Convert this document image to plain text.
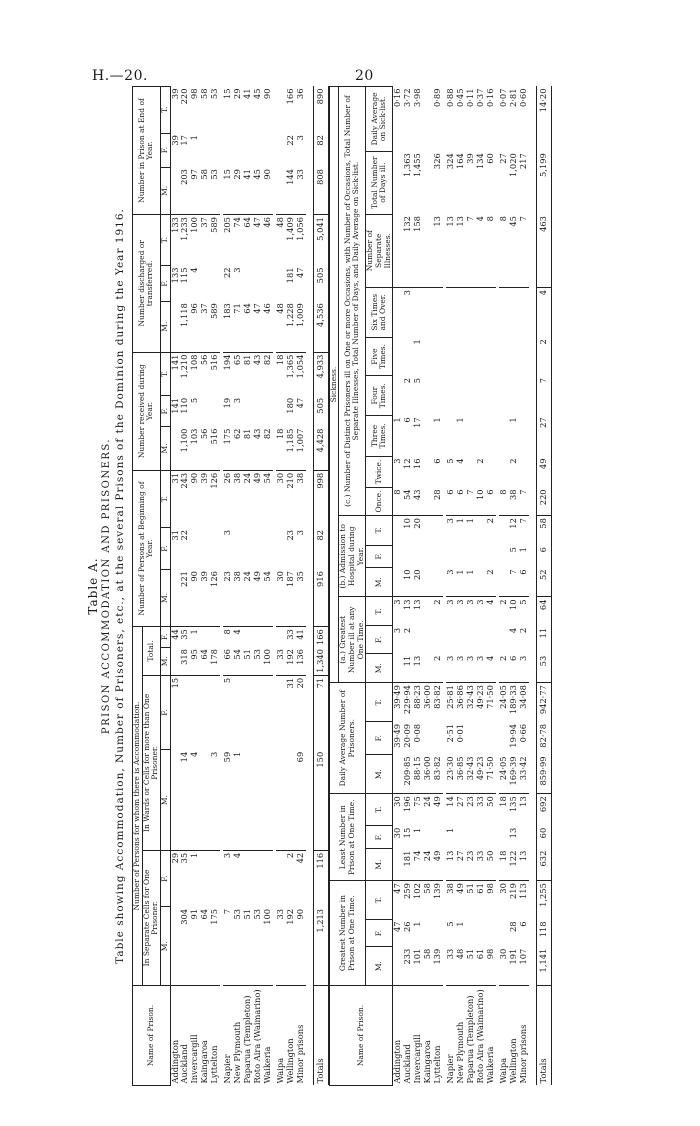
H.—20.	20
Table A. PRISON ACCOMMODATION AND PRISONERS. Table showing Accommodation, Number of Prisoners, etc., at the several Prisons of the Dominion during the Year 1916.
Name of Prison.	Number of Persons for whom there is Accommodation.						Number of Persons at Beginning of Year.			Number received during Year.			Number discharged or transferred.			Number in Prison at End of Year.		
	In Separate Cells for One Prisoner.		In Wards or Cells for more than One Prisoner.		Total.													
	M.	F.	M.	F.	M.	F.	M.	F.	T.	M.	F.	T.	M.	F.	T.	M.	F.	T.
Addington		29		15		44		31	31		141	141		133	133		39	39
Auckland	304	35	14		318	35	221	22	243	1,100	110	1,210	1,118	115	1,233	203	17	220
Invercargill	91	1	4		95	1	90		90	103	5	108	96	4	100	97	1	98
Kaingaroa	64				64		39		39	56		56	37		37	58		58
Lyttelton	175		3		178		126		126	516		516	589		589	53		53

Napier	7	3	59	5	66	8	23	3	26	175	19	194	183	22	205	15		15
New Plymouth	53	4	1		54	4	38		38	62	3	65	71	3	74	29		29
Paparua (Templeton)	51				51		24		24	81		81	64		64	41		41
Roto Aira (Waimarino)	53				53		49		49	43		43	47		47	45		45
Waikeria	100				100		54		54	82		82	46		46	90		90

Waipa	33				33		30		30	18		18	48		48			
Wellington	192	2		31	192	33	187	23	210	1,185	180	1,365	1,228	181	1,409	144	22	166
Minor prisons	90	42	69	20	136	41	35	3	38	1,007	47	1,054	1,009	47	1,056	33	3	36

Totals	1,213	116	150	71	1,340	166	916	82	998	4,428	505	4,933	4,536	505	5,041	808	82	890
Name of Prison.	Greatest Number in Prison at One Time.			Least Number in Prison at One Time.			Daily Average Number of Prisoners.			Sickness.														
										(a.) Greatest Number ill at any One Time.			(b.) Admission to Hospital during Year.			(c.) Number of Distinct Prisoners ill on One or more Occasions, with Number of Occasions, Total Number of Separate Illnesses, Total Number of Days, and Daily Average on Sick-list.								
	M.	F.	T.	M.	F.	T.	M.	F.	T.	M.	F.	T.	M.	F.	T.	Once.	Twice.	Three Times.	Four Times.	Five Times.	Six Times and Over.	Number of Separate Illnesses.	Total Number of Days ill.	Daily Average on Sick-list.
Addington		47	47		30	30		39·49	39·49		3	3				8	3	1						0·16
Auckland	233	26	259	181	15	196	209·85	20·09	229·94	11	2	13	10		10	54	12	6	2		3	132	1,363	3·72
Invercargill	101	1	102	74	1	75	88·15	0·08	88·23	13		13	20		20	43	16	17	5	1		158	1,455	3·98
Kaingaroa	58		58	24		24	36·00		36·00															
Lyttelton	139		139	49		49	83·82		83·82	2		2				28	6	1				13	326	0·89

Napier	33	5	38	13	1	14	23·30	2·51	25·81	3		3	3		3	6	5					13	324	0·88
New Plymouth	48	1	49	27		27	36·85	0·01	36·86	3		3	1		1	6	4	1				13	164	0·45
Paparua (Templeton)	51		51	23		23	32·43		32·43	3		3	1		1	7						7	39	0·11
Roto Aira (Waimarino)	61		61	33		33	49·23		49·23	3		3				10	2					4	134	0·37
Waikeria	98		98	50		50	71·50		71·50	4		4	2		2	6						8	60	0·16

Waipa	30		30	18		18	24·05		24·05	2		2				8						8	27	0·07
Wellington	191	28	219	122	13	135	169·39	19·94	189·33	6	4	10	7	5	12	38	2	1				45	1,020	2·81
Minor prisons	107	6	113	13		13	33·42	0·66	34·08	3	2	5	6	1	7	7						7	217	0·60

Totals	1,141	118	1,255	632	60	692	859·99	82·78	942·77	53	11	64	52	6	58	220	49	27	7	2	4	463	5,199	14·20
